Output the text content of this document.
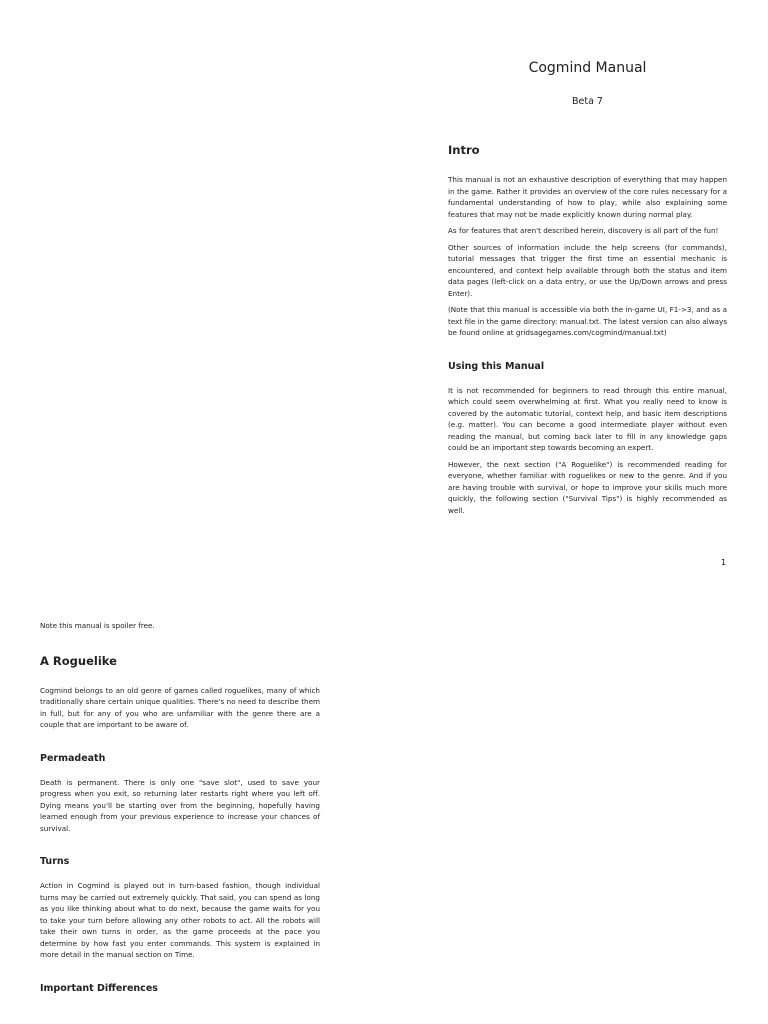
Cogmind Manual
Beta 7
Intro

This manual is not an exhaustive description of everything that may happen in the game. Rather it provides an overview of the core rules necessary for a fundamental understanding of how to play, while also explaining some features that may not be made explicitly known during normal play.

As for features that aren't described herein, discovery is all part of the fun!

Other sources of information include the help screens (for commands), tutorial messages that trigger the first time an essential mechanic is encountered, and context help available through both the status and item data pages (left-click on a data entry, or use the Up/Down arrows and press Enter).

(Note that this manual is accessible via both the in-game UI, F1->3, and as a text file in the game directory: manual.txt. The latest version can also always be found online at gridsagegames.com/cogmind/manual.txt)

Using this Manual

It is not recommended for beginners to read through this entire manual, which could seem overwhelming at first. What you really need to know is covered by the automatic tutorial, context help, and basic item descriptions (e.g. matter). You can become a good intermediate player without even reading the manual, but coming back later to fill in any knowledge gaps could be an important step towards becoming an expert.

However, the next section ("A Roguelike") is recommended reading for everyone, whether familiar with roguelikes or new to the genre. And if you are having trouble with survival, or hope to improve your skills much more quickly, the following section ("Survival Tips") is highly recommended as well.

1
Note this manual is spoiler free.
A Roguelike

Cogmind belongs to an old genre of games called roguelikes, many of which traditionally share certain unique qualities. There's no need to describe them in full, but for any of you who are unfamiliar with the genre there are a couple that are important to be aware of.

Permadeath

Death is permanent. There is only one "save slot", used to save your progress when you exit, so returning later restarts right where you left off. Dying means you'll be starting over from the beginning, hopefully having learned enough from your previous experience to increase your chances of survival.

Turns

Action in Cogmind is played out in turn-based fashion, though individual turns may be carried out extremely quickly. That said, you can spend as long as you like thinking about what to do next, because the game waits for you to take your turn before allowing any other robots to act. All the robots will take their own turns in order, as the game proceeds at the pace you determine by how fast you enter commands. This system is explained in more detail in the manual section on Time.

Important Differences
